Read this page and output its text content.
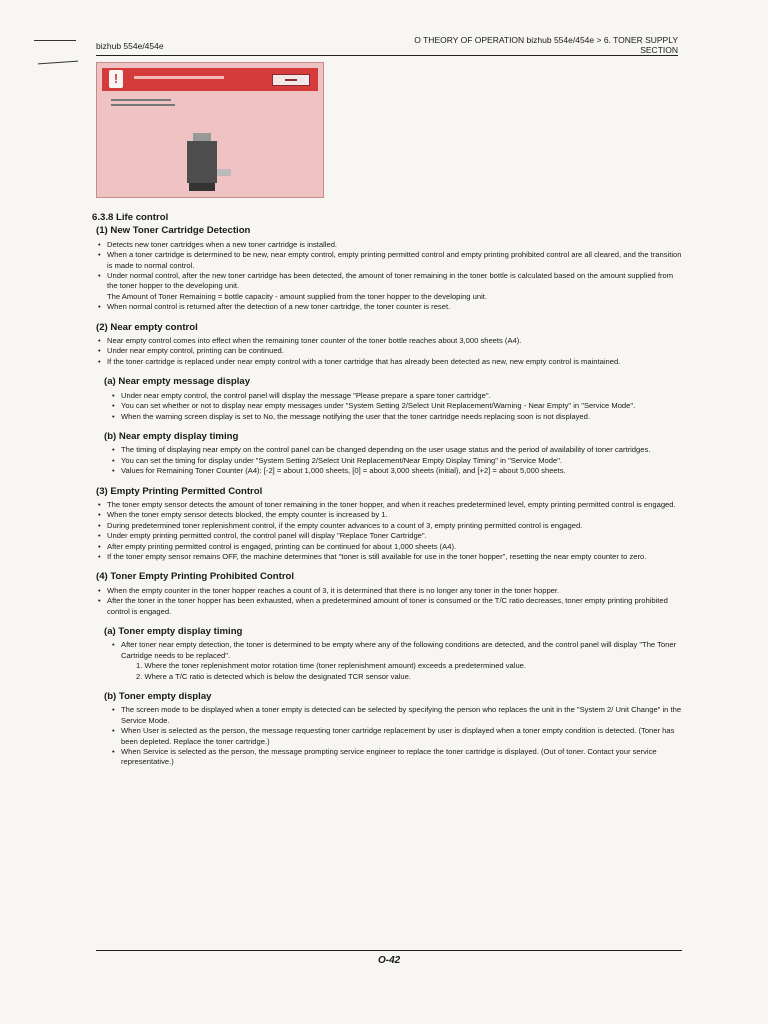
bizhub 554e/454e
O THEORY OF OPERATION bizhub 554e/454e > 6. TONER SUPPLY
SECTION
!
6.3.8 Life control
(1) New Toner Cartridge Detection
• Detects new toner cartridges when a new toner cartridge is installed.
• When a toner cartridge is determined to be new, near empty control, empty printing permitted control and empty printing prohibited control are all cleared, and the transition is made to normal control.
• Under normal control, after the new toner cartridge has been detected, the amount of toner remaining in the toner bottle is calculated based on the amount supplied from the toner hopper to the developing unit.
The Amount of Toner Remaining = bottle capacity - amount supplied from the toner hopper to the developing unit.
• When normal control is returned after the detection of a new toner cartridge, the toner counter is reset.
(2) Near empty control
• Near empty control comes into effect when the remaining toner counter of the toner bottle reaches about 3,000 sheets (A4).
• Under near empty control, printing can be continued.
• If the toner cartridge is replaced under near empty control with a toner cartridge that has already been detected as new, new empty control is maintained.
(a) Near empty message display
• Under near empty control, the control panel will display the message "Please prepare a spare toner cartridge".
• You can set whether or not to display near empty messages under "System Setting 2/Select Unit Replacement/Warning - Near Empty" in "Service Mode".
• When the warning screen display is set to No, the message notifying the user that the toner cartridge needs replacing soon is not displayed.
(b) Near empty display timing
• The timing of displaying near empty on the control panel can be changed depending on the user usage status and the period of availability of toner cartridges.
• You can set the timing for display under "System Setting 2/Select Unit Replacement/Near Empty Display Timing" in "Service Mode".
• Values for Remaining Toner Counter (A4): [-2] = about 1,000 sheets, [0] = about 3,000 sheets (initial), and [+2] = about 5,000 sheets.
(3) Empty Printing Permitted Control
• The toner empty sensor detects the amount of toner remaining in the toner hopper, and when it reaches predetermined level, empty printing permitted control is engaged.
• When the toner empty sensor detects blocked, the empty counter is increased by 1.
• During predetermined toner replenishment control, if the empty counter advances to a count of 3, empty printing permitted control is engaged.
• Under empty printing permitted control, the control panel will display "Replace Toner Cartridge".
• After empty printing permitted control is engaged, printing can be continued for about 1,000 sheets (A4).
• If the toner empty sensor remains OFF, the machine determines that "toner is still available for use in the toner hopper", resetting the near empty counter to zero.
(4) Toner Empty Printing Prohibited Control
• When the empty counter in the toner hopper reaches a count of 3, it is determined that there is no longer any toner in the toner hopper.
• After the toner in the toner hopper has been exhausted, when a predetermined amount of toner is consumed or the T/C ratio decreases, toner empty printing prohibited control is engaged.
(a) Toner empty display timing
• After toner near empty detection, the toner is determined to be empty where any of the following conditions are detected, and the control panel will display "The Toner Cartridge needs to be replaced".
1. Where the toner replenishment motor rotation time (toner replenishment amount) exceeds a predetermined value.
2. Where a T/C ratio is detected which is below the designated TCR sensor value.
(b) Toner empty display
• The screen mode to be displayed when a toner empty is detected can be selected by specifying the person who replaces the unit in the "System 2/ Unit Change" in the Service Mode.
• When User is selected as the person, the message requesting toner cartridge replacement by user is displayed when a toner empty condition is detected. (Toner has been depleted. Replace the toner cartridge.)
• When Service is selected as the person, the message prompting service engineer to replace the toner cartridge is displayed. (Out of toner. Contact your service representative.)
O-42
